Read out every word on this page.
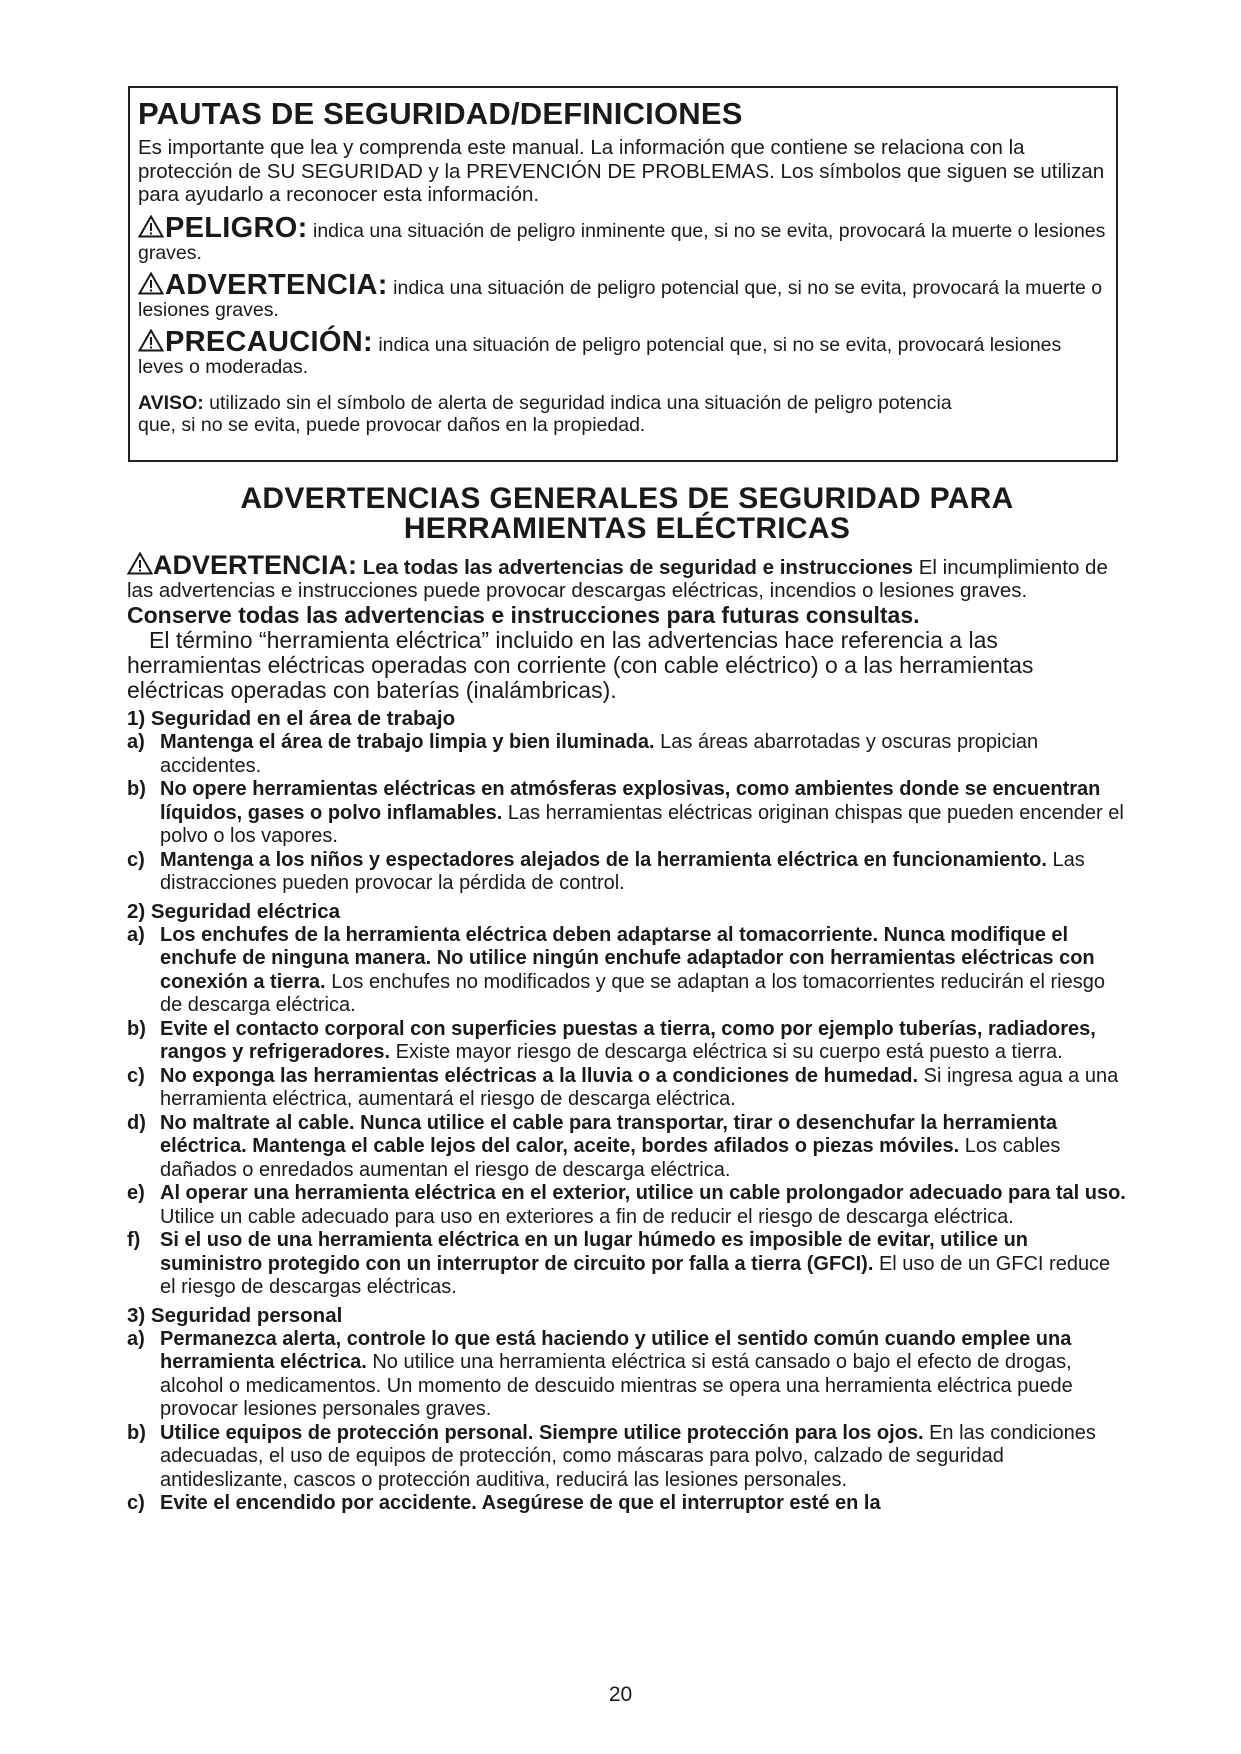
PAUTAS DE SEGURIDAD/DEFINICIONES

Es importante que lea y comprenda este manual. La información que contiene se relaciona con la protección de SU SEGURIDAD y la PREVENCIÓN DE PROBLEMAS. Los símbolos que siguen se utilizan para ayudarlo a reconocer esta información.

PELIGRO: indica una situación de peligro inminente que, si no se evita, provocará la muerte o lesiones graves.
ADVERTENCIA: indica una situación de peligro potencial que, si no se evita, provocará la muerte o lesiones graves.
PRECAUCIÓN: indica una situación de peligro potencial que, si no se evita, provocará lesiones leves o moderadas.
AVISO: utilizado sin el símbolo de alerta de seguridad indica una situación de peligro potencia
que, si no se evita, puede provocar daños en la propiedad.
ADVERTENCIAS GENERALES DE SEGURIDAD PARA
HERRAMIENTAS ELÉCTRICAS
ADVERTENCIA: Lea todas las advertencias de seguridad e instrucciones El incumplimiento de las advertencias e instrucciones puede provocar descargas eléctricas, incendios o lesiones graves.
Conserve todas las advertencias e instrucciones para futuras consultas.

El término “herramienta eléctrica” incluido en las advertencias hace referencia a las herramientas eléctricas operadas con corriente (con cable eléctrico) o a las herramientas eléctricas operadas con baterías (inalámbricas).

1) Seguridad en el área de trabajo
a) Mantenga el área de trabajo limpia y bien iluminada. Las áreas abarrotadas y oscuras propician accidentes.
b) No opere herramientas eléctricas en atmósferas explosivas, como ambientes donde se encuentran líquidos, gases o polvo inflamables. Las herramientas eléctricas originan chispas que pueden encender el polvo o los vapores.
c) Mantenga a los niños y espectadores alejados de la herramienta eléctrica en funcionamiento. Las distracciones pueden provocar la pérdida de control.
2) Seguridad eléctrica
a) Los enchufes de la herramienta eléctrica deben adaptarse al tomacorriente. Nunca modifique el enchufe de ninguna manera. No utilice ningún enchufe adaptador con herramientas eléctricas con conexión a tierra. Los enchufes no modificados y que se adaptan a los tomacorrientes reducirán el riesgo de descarga eléctrica.
b) Evite el contacto corporal con superficies puestas a tierra, como por ejemplo tuberías, radiadores, rangos y refrigeradores. Existe mayor riesgo de descarga eléctrica si su cuerpo está puesto a tierra.
c) No exponga las herramientas eléctricas a la lluvia o a condiciones de humedad. Si ingresa agua a una herramienta eléctrica, aumentará el riesgo de descarga eléctrica.
d) No maltrate al cable. Nunca utilice el cable para transportar, tirar o desenchufar la herramienta eléctrica. Mantenga el cable lejos del calor, aceite, bordes afilados o piezas móviles. Los cables dañados o enredados aumentan el riesgo de descarga eléctrica.
e) Al operar una herramienta eléctrica en el exterior, utilice un cable prolongador adecuado para tal uso. Utilice un cable adecuado para uso en exteriores a fin de reducir el riesgo de descarga eléctrica.
f) Si el uso de una herramienta eléctrica en un lugar húmedo es imposible de evitar, utilice un suministro protegido con un interruptor de circuito por falla a tierra (GFCI). El uso de un GFCI reduce el riesgo de descargas eléctricas.
3) Seguridad personal
a) Permanezca alerta, controle lo que está haciendo y utilice el sentido común cuando emplee una herramienta eléctrica. No utilice una herramienta eléctrica si está cansado o bajo el efecto de drogas, alcohol o medicamentos. Un momento de descuido mientras se opera una herramienta eléctrica puede provocar lesiones personales graves.
b) Utilice equipos de protección personal. Siempre utilice protección para los ojos. En las condiciones adecuadas, el uso de equipos de protección, como máscaras para polvo, calzado de seguridad antideslizante, cascos o protección auditiva, reducirá las lesiones personales.
c) Evite el encendido por accidente. Asegúrese de que el interruptor esté en la
20
